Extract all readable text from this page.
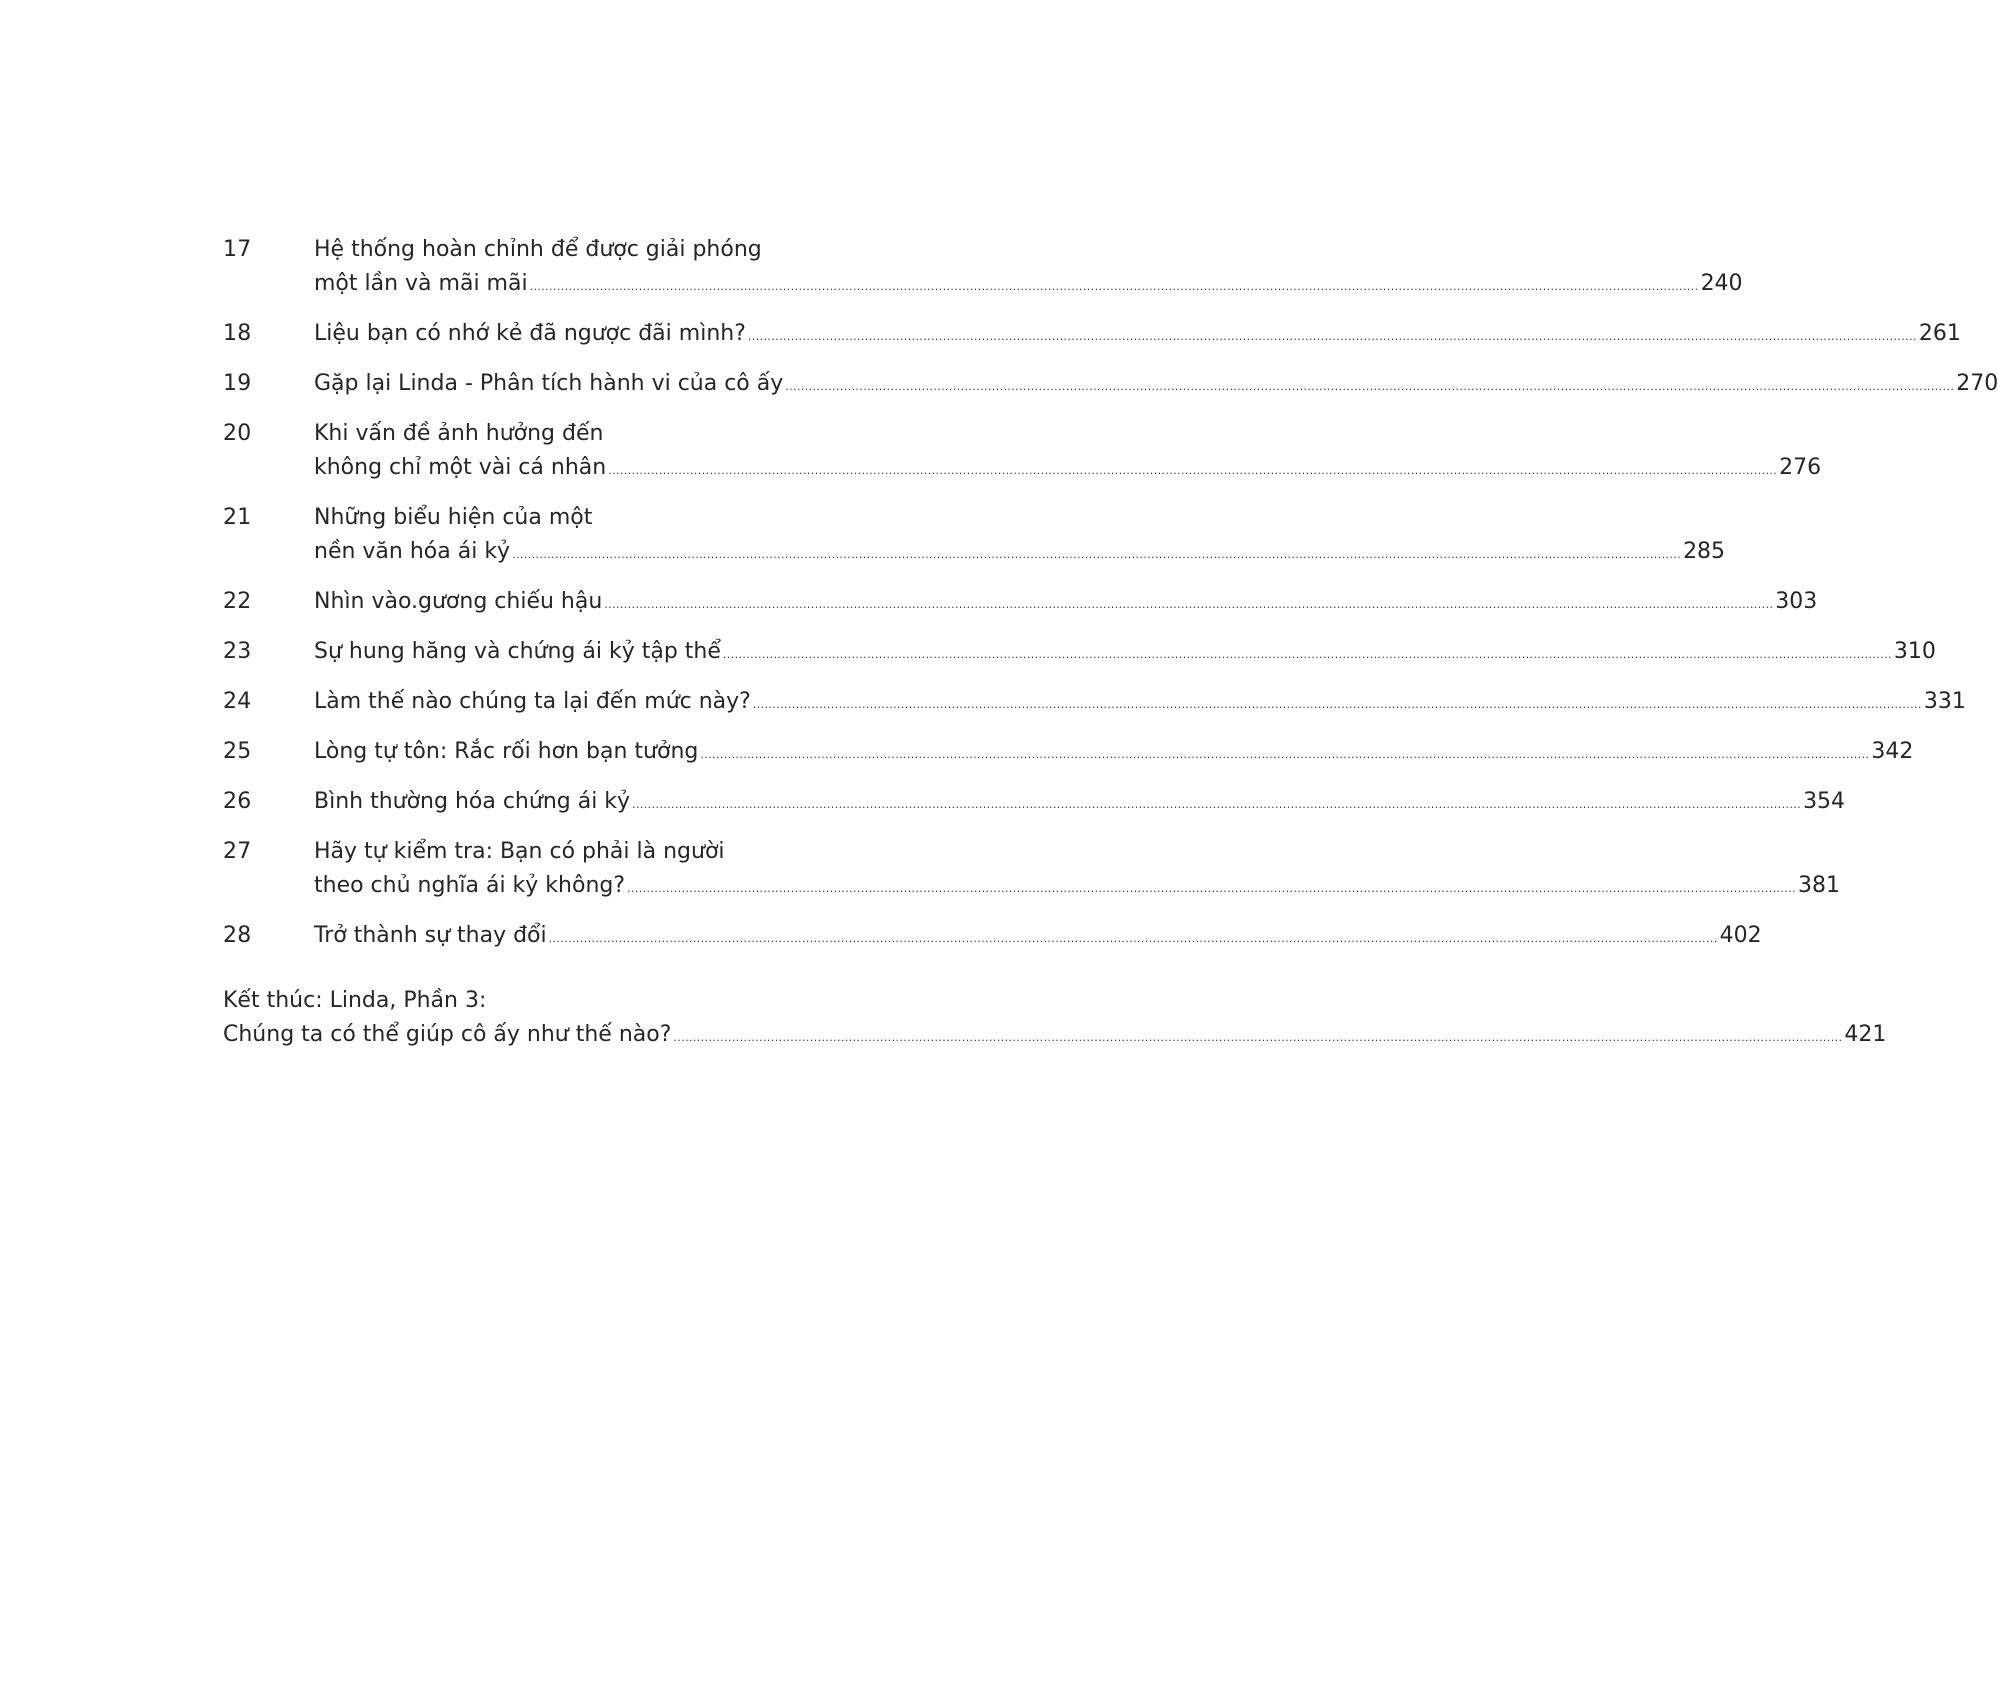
17	Hệ thống hoàn chỉnh để được giải phóng
một lần và mãi mãi ............................................................................................................................................................................................................................................................................................................ 240
18	Liệu bạn có nhớ kẻ đã ngược đãi mình? ............................................................................................................................................................................................................................................................................................................ 261
19	Gặp lại Linda - Phân tích hành vi của cô ấy ............................................................................................................................................................................................................................................................................................................ 270
20	Khi vấn đề ảnh hưởng đến
không chỉ một vài cá nhân ............................................................................................................................................................................................................................................................................................................ 276
21	Những biểu hiện của một
nền văn hóa ái kỷ ............................................................................................................................................................................................................................................................................................................ 285
22	Nhìn vào.gương chiếu hậu ............................................................................................................................................................................................................................................................................................................ 303
23	Sự hung hăng và chứng ái kỷ tập thể ............................................................................................................................................................................................................................................................................................................ 310
24	Làm thế nào chúng ta lại đến mức này? ............................................................................................................................................................................................................................................................................................................ 331
25	Lòng tự tôn: Rắc rối hơn bạn tưởng ............................................................................................................................................................................................................................................................................................................ 342
26	Bình thường hóa chứng ái kỷ ............................................................................................................................................................................................................................................................................................................ 354
27	Hãy tự kiểm tra: Bạn có phải là người
theo chủ nghĩa ái kỷ không? ............................................................................................................................................................................................................................................................................................................ 381
28	Trở thành sự thay đổi ............................................................................................................................................................................................................................................................................................................ 402
Kết thúc: Linda, Phần 3:
Chúng ta có thể giúp cô ấy như thế nào? ............................................................................................................................................................................................................................................................................................................ 421
